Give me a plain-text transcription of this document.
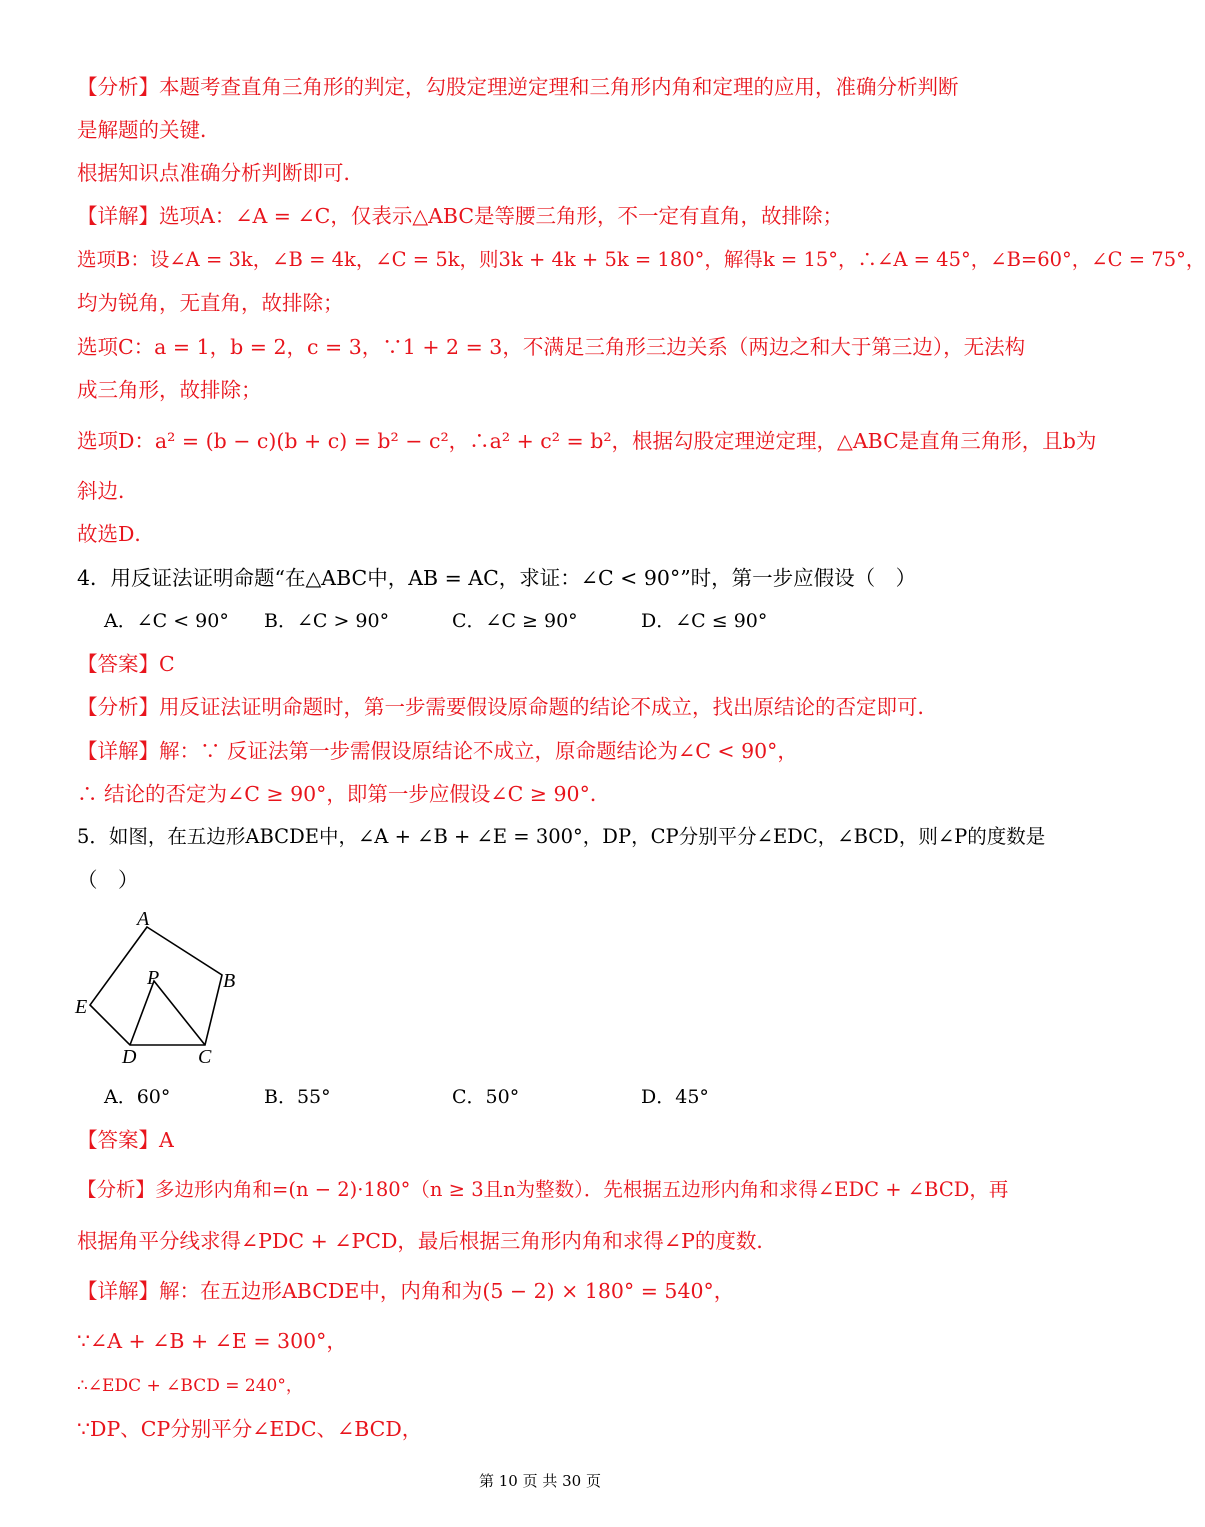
【分析】本题考查直角三角形的判定，勾股定理逆定理和三角形内角和定理的应用，准确分析判断
是解题的关键．
根据知识点准确分析判断即可．
【详解】选项A：∠A = ∠C，仅表示△ABC是等腰三角形，不一定有直角，故排除；
选项B：设∠A = 3k，∠B = 4k，∠C = 5k，则3k + 4k + 5k = 180°，解得k = 15°，∴∠A = 45°，∠B=60°，∠C = 75°，
均为锐角，无直角，故排除；
选项C：a = 1，b = 2，c = 3，∵1 + 2 = 3，不满足三角形三边关系（两边之和大于第三边），无法构
成三角形，故排除；
选项D：a² = (b − c)(b + c) = b² − c²，∴a² + c² = b²，根据勾股定理逆定理，△ABC是直角三角形，且b为
斜边．
故选D．
4．用反证法证明命题“在△ABC中，AB = AC，求证：∠C < 90°”时，第一步应假设（　）
A．∠C < 90° B．∠C > 90°	C．∠C ≥ 90°	D．∠C ≤ 90°
【答案】C
【分析】用反证法证明命题时，第一步需要假设原命题的结论不成立，找出原结论的否定即可．
【详解】解：∵ 反证法第一步需假设原结论不成立，原命题结论为∠C < 90°，
∴ 结论的否定为∠C ≥ 90°，即第一步应假设∠C ≥ 90°．
5．如图，在五边形ABCDE中，∠A + ∠B + ∠E = 300°，DP，CP分别平分∠EDC，∠BCD，则∠P的度数是
（　）
A
B
C
D
E
P
A．60°	B．55°	C．50°	D．45°
【答案】A
【分析】多边形内角和=(n − 2)·180°（n ≥ 3且n为整数）．先根据五边形内角和求得∠EDC + ∠BCD，再
根据角平分线求得∠PDC + ∠PCD，最后根据三角形内角和求得∠P的度数．
【详解】解：在五边形ABCDE中，内角和为(5 − 2) × 180° = 540°，
∵∠A + ∠B + ∠E = 300°，
∴∠EDC + ∠BCD = 240°，
∵DP、CP分别平分∠EDC、∠BCD，
第 10 页 共 30 页
